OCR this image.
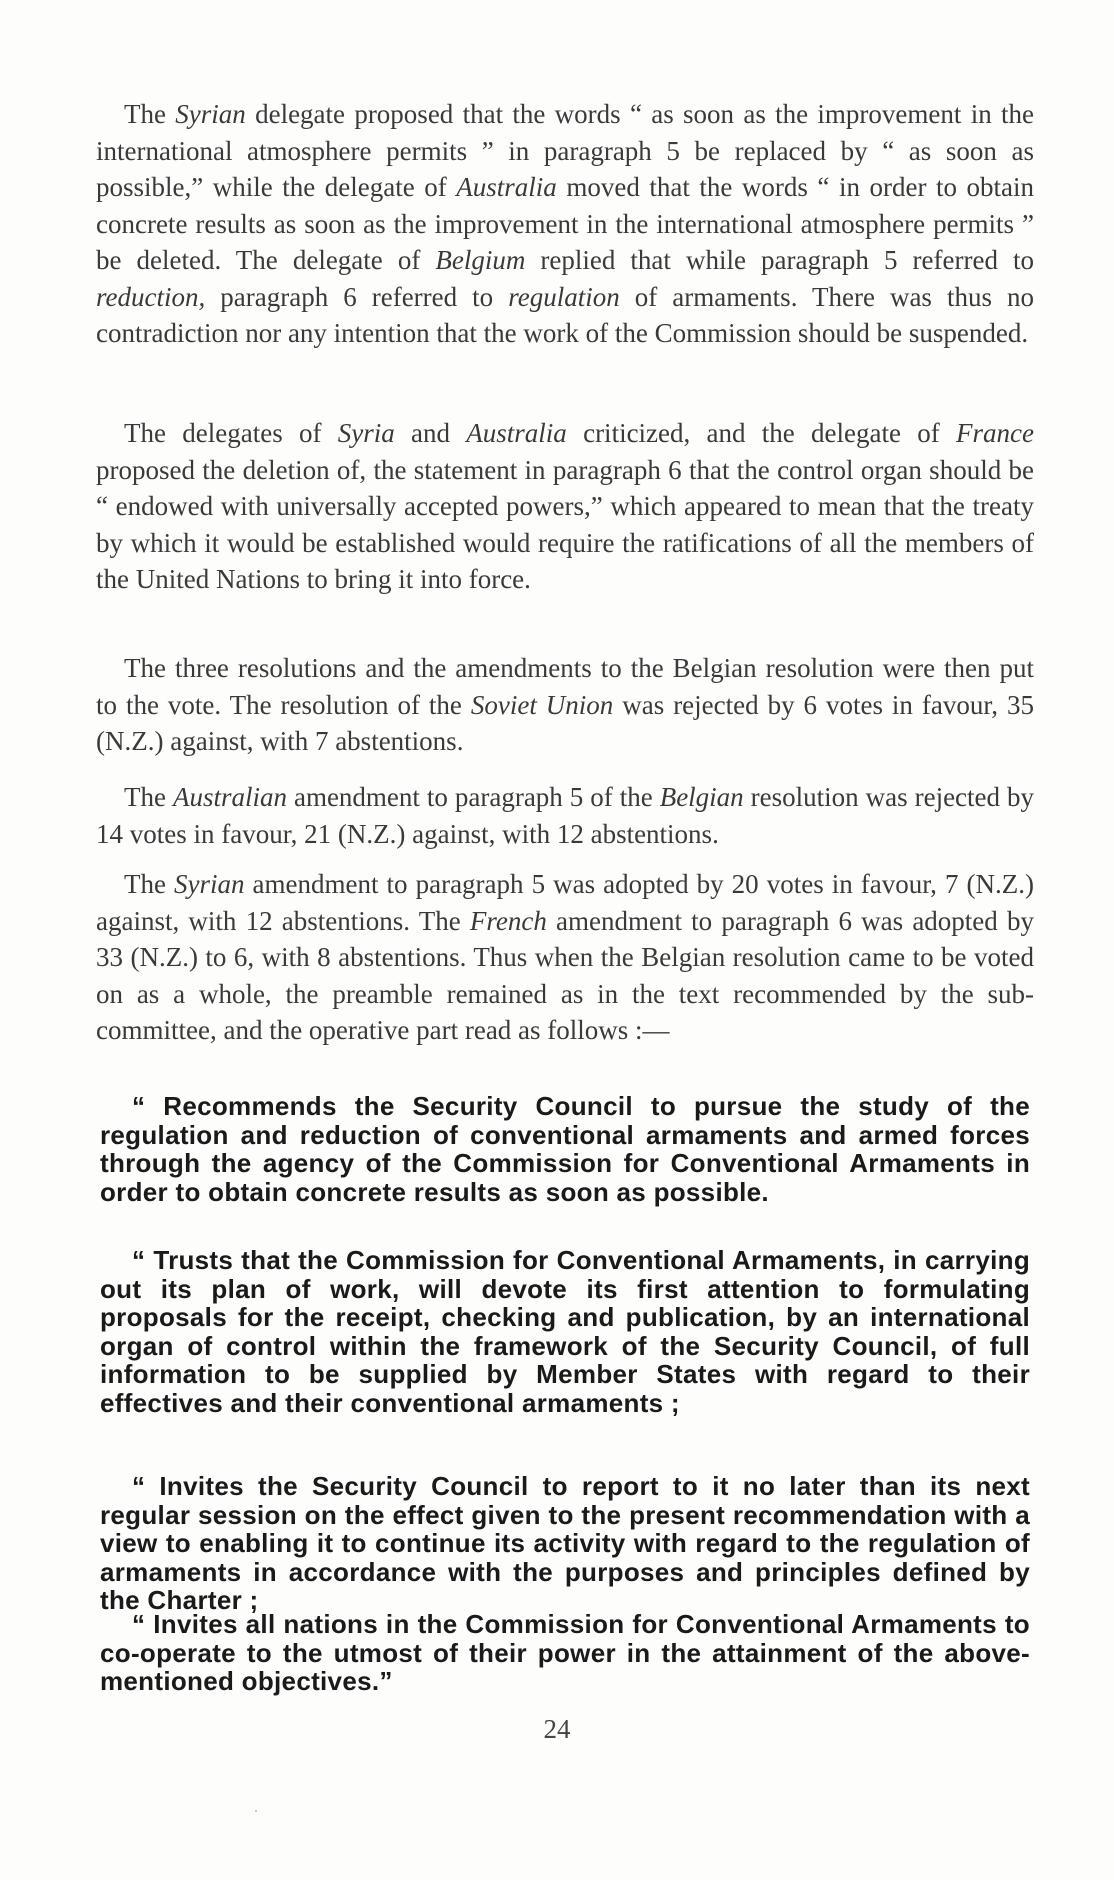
The Syrian delegate proposed that the words “ as soon as the improvement in the international atmosphere permits ” in paragraph 5 be replaced by “ as soon as possible,” while the delegate of Australia moved that the words “ in order to obtain concrete results as soon as the improvement in the international atmosphere permits ” be deleted. The delegate of Belgium replied that while paragraph 5 referred to reduction, paragraph 6 referred to regulation of armaments. There was thus no contradiction nor any intention that the work of the Commission should be suspended.

The delegates of Syria and Australia criticized, and the delegate of France proposed the deletion of, the statement in paragraph 6 that the control organ should be “ endowed with universally accepted powers,” which appeared to mean that the treaty by which it would be established would require the ratifications of all the members of the United Nations to bring it into force.

The three resolutions and the amendments to the Belgian resolution were then put to the vote. The resolution of the Soviet Union was rejected by 6 votes in favour, 35 (N.Z.) against, with 7 abstentions.

The Australian amendment to paragraph 5 of the Belgian resolution was rejected by 14 votes in favour, 21 (N.Z.) against, with 12 abstentions.

The Syrian amendment to paragraph 5 was adopted by 20 votes in favour, 7 (N.Z.) against, with 12 abstentions. The French amendment to paragraph 6 was adopted by 33 (N.Z.) to 6, with 8 abstentions. Thus when the Belgian resolution came to be voted on as a whole, the preamble remained as in the text recommended by the sub-committee, and the operative part read as follows :—

“ Recommends the Security Council to pursue the study of the regulation and reduction of conventional armaments and armed forces through the agency of the Commission for Conventional Armaments in order to obtain concrete results as soon as possible.

“ Trusts that the Commission for Conventional Armaments, in carrying out its plan of work, will devote its first attention to formulating proposals for the receipt, checking and publication, by an international organ of control within the framework of the Security Council, of full information to be supplied by Member States with regard to their effectives and their conventional armaments ;

“ Invites the Security Council to report to it no later than its next regular session on the effect given to the present recommendation with a view to enabling it to continue its activity with regard to the regulation of armaments in accordance with the purposes and principles defined by the Charter ;

“ Invites all nations in the Commission for Conventional Armaments to co-operate to the utmost of their power in the attainment of the above-mentioned objectives.”

24
